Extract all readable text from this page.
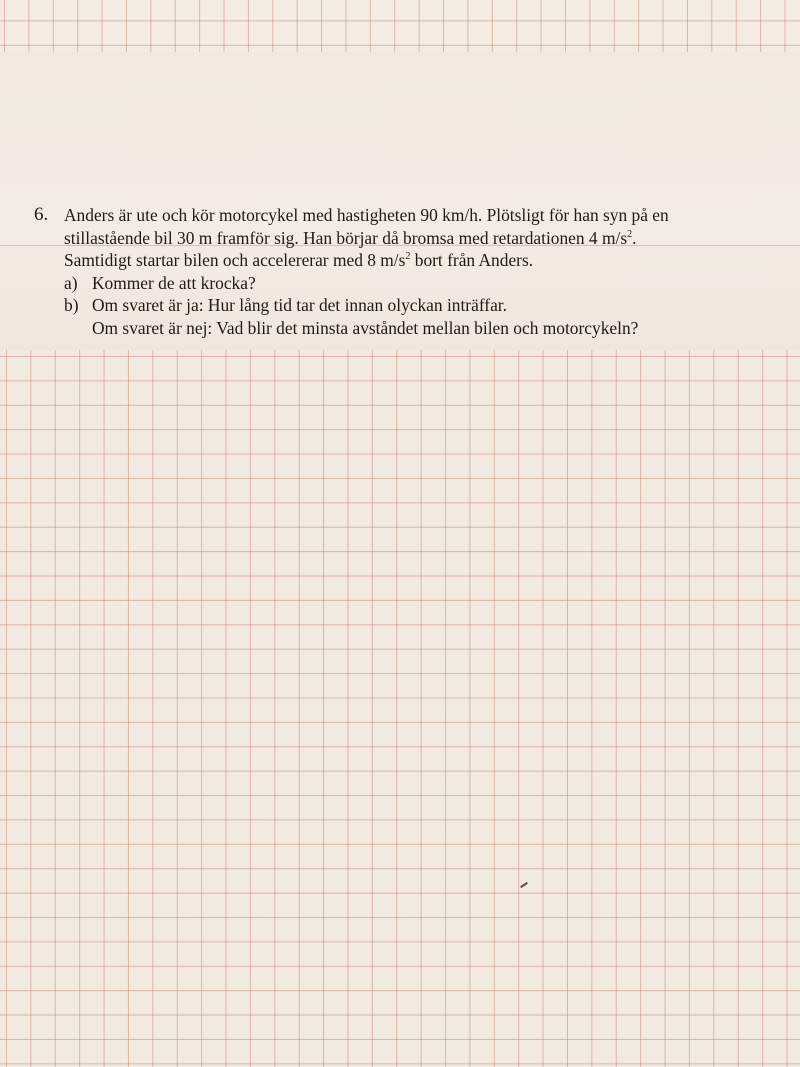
6. Anders är ute och kör motorcykel med hastigheten 90 km/h. Plötsligt för han syn på en
stillastående bil 30 m framför sig. Han börjar då bromsa med retardationen 4 $m/s^2$.
Samtidigt startar bilen och accelererar med 8 $m/s^2$ bort från Anders.
a) Kommer de att krocka?
b) Om svaret är ja: Hur lång tid tar det innan olyckan inträffar.
Om svaret är nej: Vad blir det minsta avståndet mellan bilen och motorcykeln?
